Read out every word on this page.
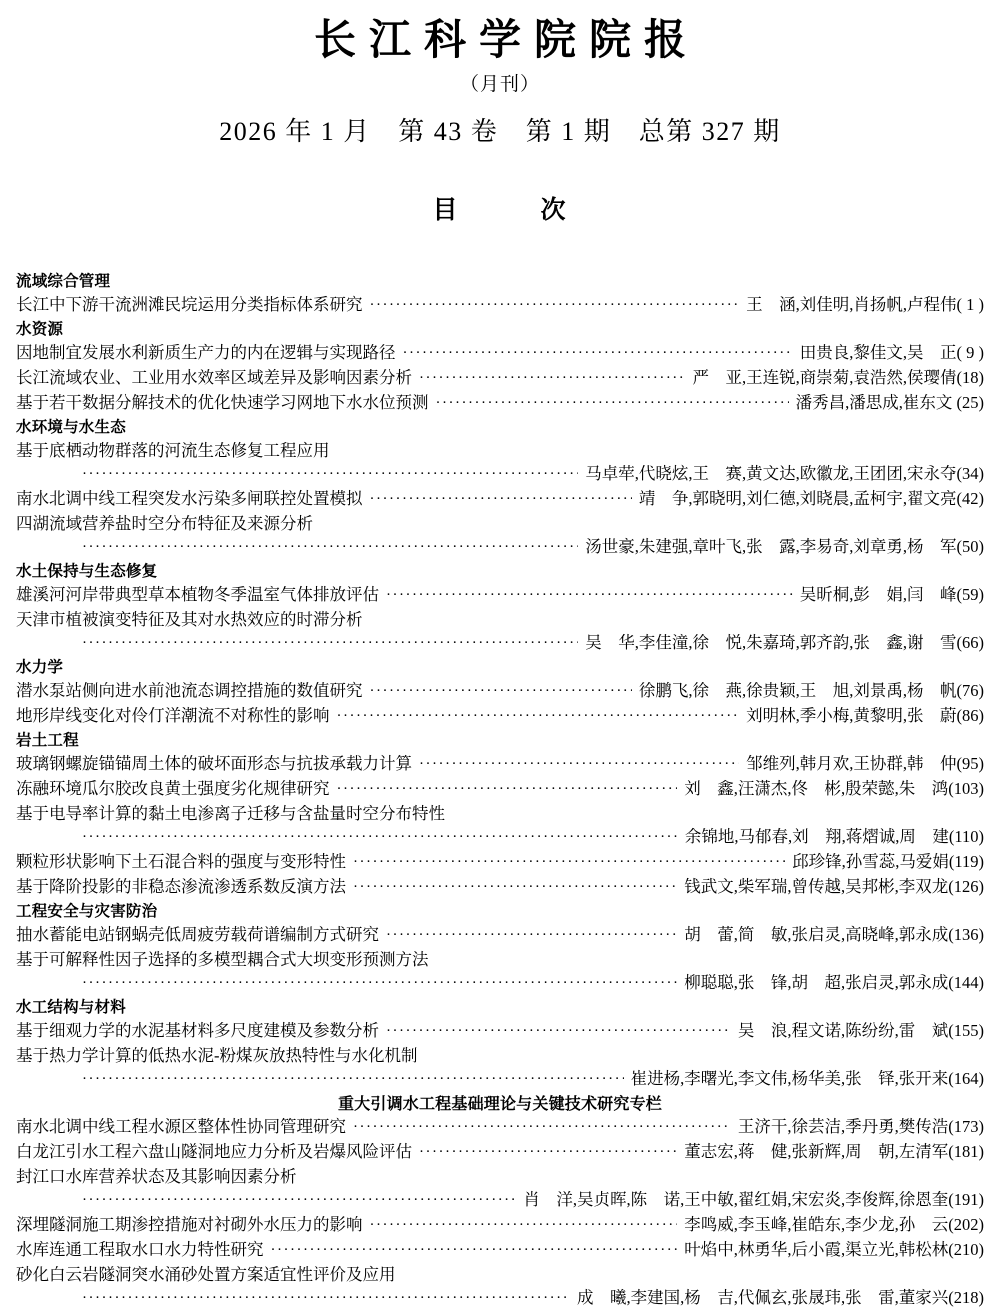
长江科学院院报
（月刊）
2026 年 1 月　第 43 卷　第 1 期　总第 327 期
目　　　次
流域综合管理
长江中下游干流洲滩民垸运用分类指标体系研究 ·····	王　涵,刘佳明,肖扬帆,卢程伟( 1 )
水资源
因地制宜发展水利新质生产力的内在逻辑与实现路径 ·····	田贵良,黎佳文,吴　正( 9 )
长江流域农业、工业用水效率区域差异及影响因素分析 ·····	严　亚,王连锐,商崇菊,袁浩然,侯璎倩(18)
基于若干数据分解技术的优化快速学习网地下水水位预测 ·····	潘秀昌,潘思成,崔东文 (25)
水环境与水生态
基于底栖动物群落的河流生态修复工程应用
·····
马卓荦,代晓炫,王　赛,黄文达,欧徽龙,王团团,宋永夺(34)
南水北调中线工程突发水污染多闸联控处置模拟 ·····	靖　争,郭晓明,刘仁德,刘晓晨,孟柯宇,翟文亮(42)
四湖流域营养盐时空分布特征及来源分析
·····
汤世豪,朱建强,章叶飞,张　露,李易奇,刘章勇,杨　军(50)
水土保持与生态修复
雄溪河河岸带典型草本植物冬季温室气体排放评估 ·····	吴昕桐,彭　娟,闫　峰(59)
天津市植被演变特征及其对水热效应的时滞分析
·····
吴　华,李佳潼,徐　悦,朱嘉琦,郭齐韵,张　鑫,谢　雪(66)
水力学
潜水泵站侧向进水前池流态调控措施的数值研究 ·····	徐鹏飞,徐　燕,徐贵颖,王　旭,刘景禹,杨　帆(76)
地形岸线变化对伶仃洋潮流不对称性的影响 ·····	刘明林,季小梅,黄黎明,张　蔚(86)
岩土工程
玻璃钢螺旋锚锚周土体的破坏面形态与抗拔承载力计算 ·····	邹维列,韩月欢,王协群,韩　仲(95)
冻融环境瓜尔胶改良黄土强度劣化规律研究 ·····	刘　鑫,汪潇杰,佟　彬,殷荣懿,朱　鸿(103)
基于电导率计算的黏土电渗离子迁移与含盐量时空分布特性
·····
余锦地,马郁春,刘　翔,蒋熠诚,周　建(110)
颗粒形状影响下土石混合料的强度与变形特性 ·····	邱珍锋,孙雪蕊,马爱娟(119)
基于降阶投影的非稳态渗流渗透系数反演方法 ·····	钱武文,柴军瑞,曾传越,吴邦彬,李双龙(126)
工程安全与灾害防治
抽水蓄能电站钢蜗壳低周疲劳载荷谱编制方式研究 ·····	胡　蕾,简　敏,张启灵,高晓峰,郭永成(136)
基于可解释性因子选择的多模型耦合式大坝变形预测方法
·····
柳聪聪,张　锋,胡　超,张启灵,郭永成(144)
水工结构与材料
基于细观力学的水泥基材料多尺度建模及参数分析 ·····	吴　浪,程文诺,陈纷纷,雷　斌(155)
基于热力学计算的低热水泥-粉煤灰放热特性与水化机制
·····
崔进杨,李曙光,李文伟,杨华美,张　铎,张开来(164)
重大引调水工程基础理论与关键技术研究专栏
南水北调中线工程水源区整体性协同管理研究 ·····	王济干,徐芸洁,季丹勇,樊传浩(173)
白龙江引水工程六盘山隧洞地应力分析及岩爆风险评估 ·····	董志宏,蒋　健,张新辉,周　朝,左清军(181)
封江口水库营养状态及其影响因素分析
·····
肖　洋,吴贞晖,陈　诺,王中敏,翟红娟,宋宏炎,李俊辉,徐恩奎(191)
深埋隧洞施工期渗控措施对衬砌外水压力的影响 ·····	李鸣威,李玉峰,崔皓东,李少龙,孙　云(202)
水库连通工程取水口水力特性研究 ·····	叶焰中,林勇华,后小霞,渠立光,韩松林(210)
砂化白云岩隧洞突水涌砂处置方案适宜性评价及应用
·····
成　曦,李建国,杨　吉,代佩玄,张晟玮,张　雷,董家兴(218)
